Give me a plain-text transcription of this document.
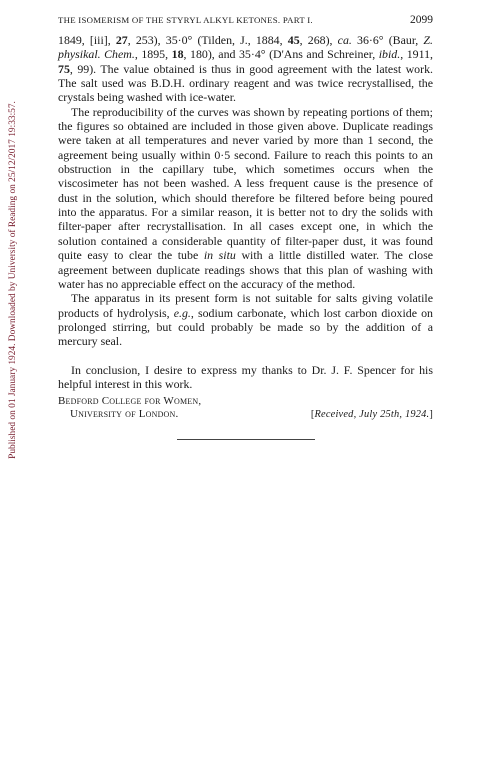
Published on 01 January 1924. Downloaded by University of Reading on 25/12/2017 19:33:57.
THE ISOMERISM OF THE STYRYL ALKYL KETONES. PART I.	2099

1849, [iii], 27, 253), 35·0° (Tilden, J., 1884, 45, 268), ca. 36·6° (Baur, Z. physikal. Chem., 1895, 18, 180), and 35·4° (D'Ans and Schreiner, ibid., 1911, 75, 99). The value obtained is thus in good agreement with the latest work. The salt used was B.D.H. ordinary reagent and was twice recrystallised, the crystals being washed with ice-water.

The reproducibility of the curves was shown by repeating portions of them; the figures so obtained are included in those given above. Duplicate readings were taken at all temperatures and never varied by more than 1 second, the agreement being usually within 0·5 second. Failure to reach this points to an obstruction in the capillary tube, which sometimes occurs when the viscosimeter has not been washed. A less frequent cause is the presence of dust in the solution, which should therefore be filtered before being poured into the apparatus. For a similar reason, it is better not to dry the solids with filter-paper after recrystallisation. In all cases except one, in which the solution contained a considerable quantity of filter-paper dust, it was found quite easy to clear the tube in situ with a little distilled water. The close agreement between duplicate readings shows that this plan of washing with water has no appreciable effect on the accuracy of the method.

The apparatus in its present form is not suitable for salts giving volatile products of hydrolysis, e.g., sodium carbonate, which lost carbon dioxide on prolonged stirring, but could probably be made so by the addition of a mercury seal.

In conclusion, I desire to express my thanks to Dr. J. F. Spencer for his helpful interest in this work.

Bedford College for Women,
University of London.	[Received, July 25th, 1924.]
